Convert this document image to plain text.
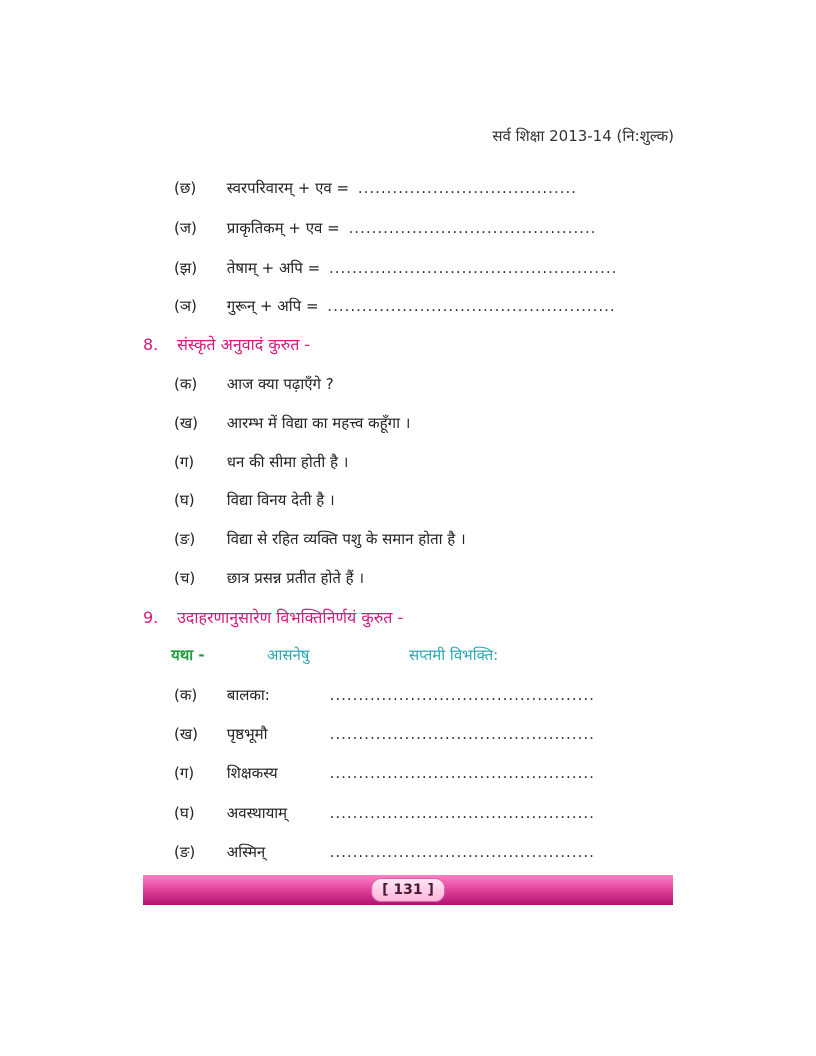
सर्व शिक्षा 2013-14 (नि:शुल्क)
(छ) स्वरपरिवारम् + एव = ......................................
(ज) प्राकृतिकम् + एव = ...........................................
(झ) तेषाम् + अपि = ..................................................
(ञ) गुरून् + अपि = ..................................................
8. संस्कृते अनुवादं कुरुत -
(क) आज क्या पढ़ाएँगे ?
(ख) आरम्भ में विद्या का महत्त्व कहूँगा ।
(ग) धन की सीमा होती है ।
(घ) विद्या विनय देती है ।
(ङ) विद्या से रहित व्यक्ति पशु के समान होता है ।
(च) छात्र प्रसन्न प्रतीत होते हैं ।
9. उदाहरणानुसारेण विभक्तिनिर्णयं कुरुत -
यथा -	आसनेषु	सप्तमी विभक्ति:
(क) बालका:	..............................................
(ख) पृष्ठभूमौ	..............................................
(ग) शिक्षकस्य	..............................................
(घ) अवस्थायाम्	..............................................
(ङ) अस्मिन्	..............................................
[ 131 ]
